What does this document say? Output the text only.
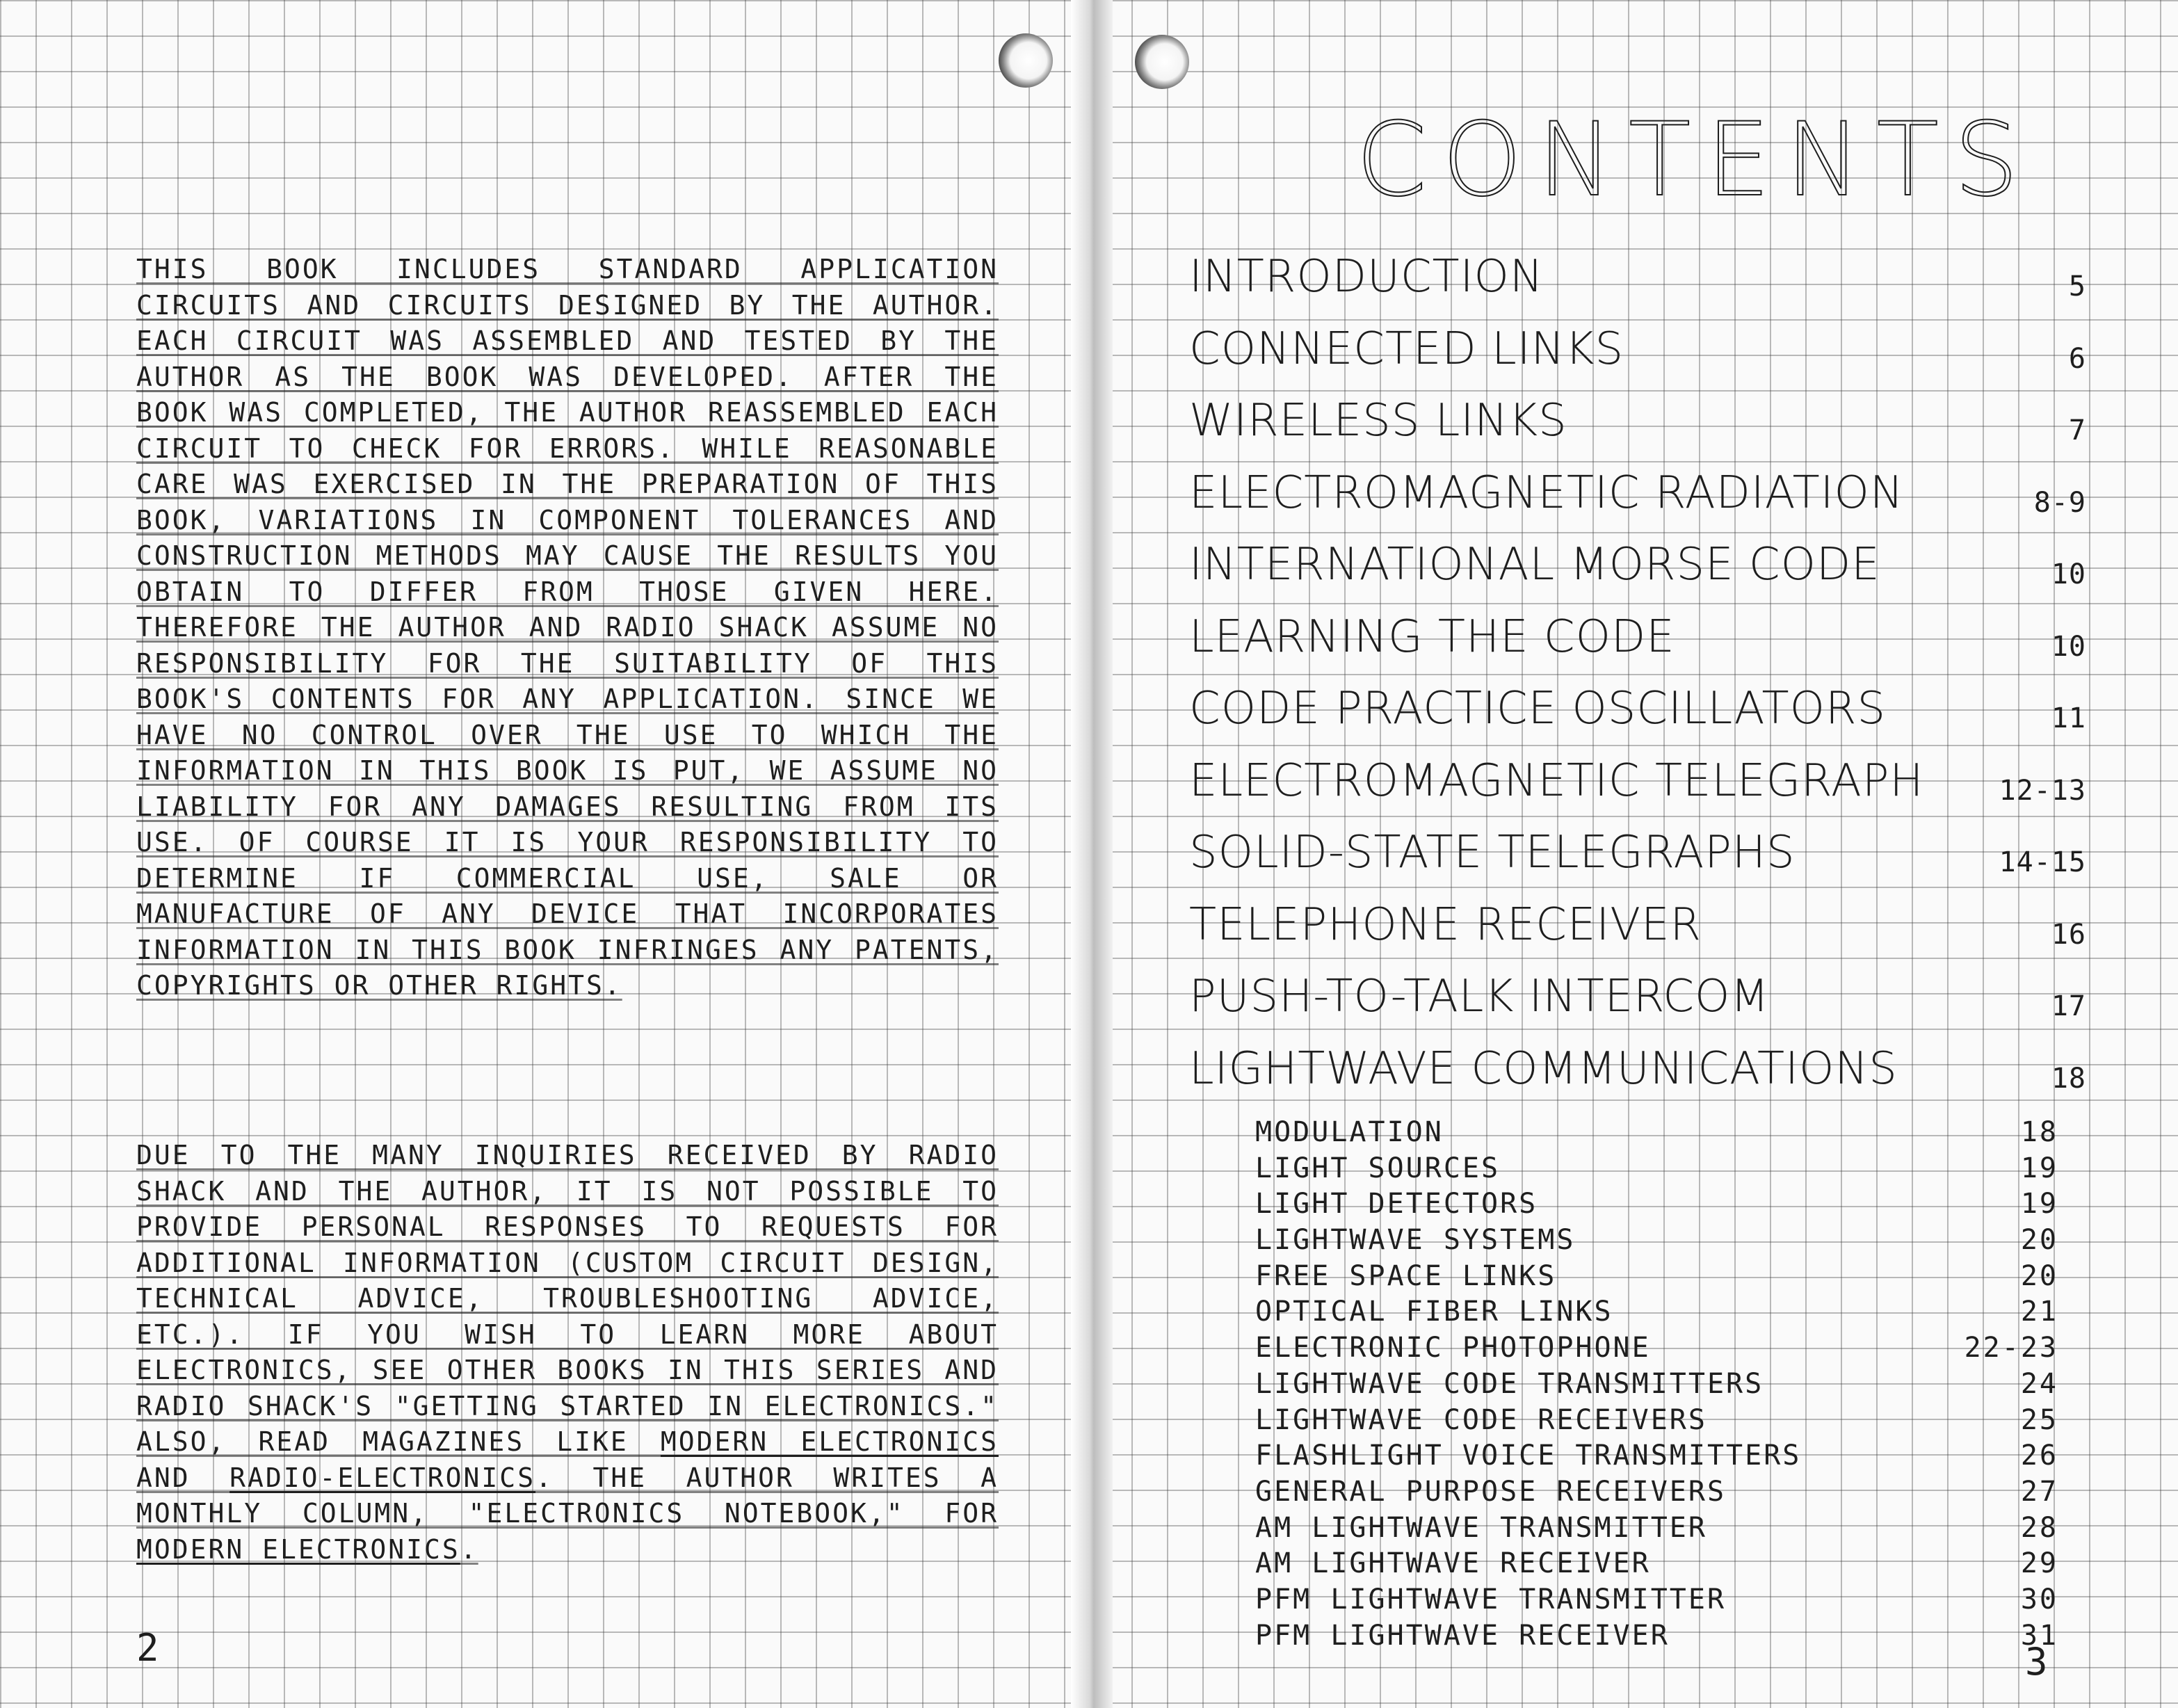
THIS BOOK INCLUDES STANDARD APPLICATION CIRCUITS AND CIRCUITS DESIGNED BY THE AUTHOR. EACH CIRCUIT WAS ASSEMBLED AND TESTED BY THE AUTHOR AS THE BOOK WAS DEVELOPED. AFTER THE BOOK WAS COMPLETED, THE AUTHOR REASSEMBLED EACH CIRCUIT TO CHECK FOR ERRORS. WHILE REASONABLE CARE WAS EXERCISED IN THE PREPARATION OF THIS BOOK, VARIATIONS IN COMPONENT TOLERANCES AND CONSTRUCTION METHODS MAY CAUSE THE RESULTS YOU OBTAIN TO DIFFER FROM THOSE GIVEN HERE. THEREFORE THE AUTHOR AND RADIO SHACK ASSUME NO RESPONSIBILITY FOR THE SUITABILITY OF THIS BOOK'S CONTENTS FOR ANY APPLICATION. SINCE WE HAVE NO CONTROL OVER THE USE TO WHICH THE INFORMATION IN THIS BOOK IS PUT, WE ASSUME NO LIABILITY FOR ANY DAMAGES RESULTING FROM ITS USE. OF COURSE IT IS YOUR RESPONSIBILITY TO DETERMINE IF COMMERCIAL USE, SALE OR MANUFACTURE OF ANY DEVICE THAT INCORPORATES INFORMATION IN THIS BOOK INFRINGES ANY PATENTS, COPYRIGHTS OR OTHER RIGHTS.

DUE TO THE MANY INQUIRIES RECEIVED BY RADIO SHACK AND THE AUTHOR, IT IS NOT POSSIBLE TO PROVIDE PERSONAL RESPONSES TO REQUESTS FOR ADDITIONAL INFORMATION (CUSTOM CIRCUIT DESIGN, TECHNICAL ADVICE, TROUBLESHOOTING ADVICE, ETC.). IF YOU WISH TO LEARN MORE ABOUT ELECTRONICS, SEE OTHER BOOKS IN THIS SERIES AND RADIO SHACK'S "GETTING STARTED IN ELECTRONICS." ALSO, READ MAGAZINES LIKE MODERN ELECTRONICS AND RADIO-ELECTRONICS. THE AUTHOR WRITES A MONTHLY COLUMN, "ELECTRONICS NOTEBOOK," FOR MODERN ELECTRONICS.

2
CONTENTS
INTRODUCTION	5
CONNECTED LINKS	6
WIRELESS LINKS	7
ELECTROMAGNETIC RADIATION	8-9
INTERNATIONAL MORSE CODE	10
LEARNING THE CODE	10
CODE PRACTICE OSCILLATORS	11
ELECTROMAGNETIC TELEGRAPH	12-13
SOLID-STATE TELEGRAPHS	14-15
TELEPHONE RECEIVER	16
PUSH-TO-TALK INTERCOM	17
LIGHTWAVE COMMUNICATIONS	18
MODULATION	18
LIGHT SOURCES	19
LIGHT DETECTORS	19
LIGHTWAVE SYSTEMS	20
FREE SPACE LINKS	20
OPTICAL FIBER LINKS	21
ELECTRONIC PHOTOPHONE	22-23
LIGHTWAVE CODE TRANSMITTERS	24
LIGHTWAVE CODE RECEIVERS	25
FLASHLIGHT VOICE TRANSMITTERS	26
GENERAL PURPOSE RECEIVERS	27
AM LIGHTWAVE TRANSMITTER	28
AM LIGHTWAVE RECEIVER	29
PFM LIGHTWAVE TRANSMITTER	30
PFM LIGHTWAVE RECEIVER	31
3
